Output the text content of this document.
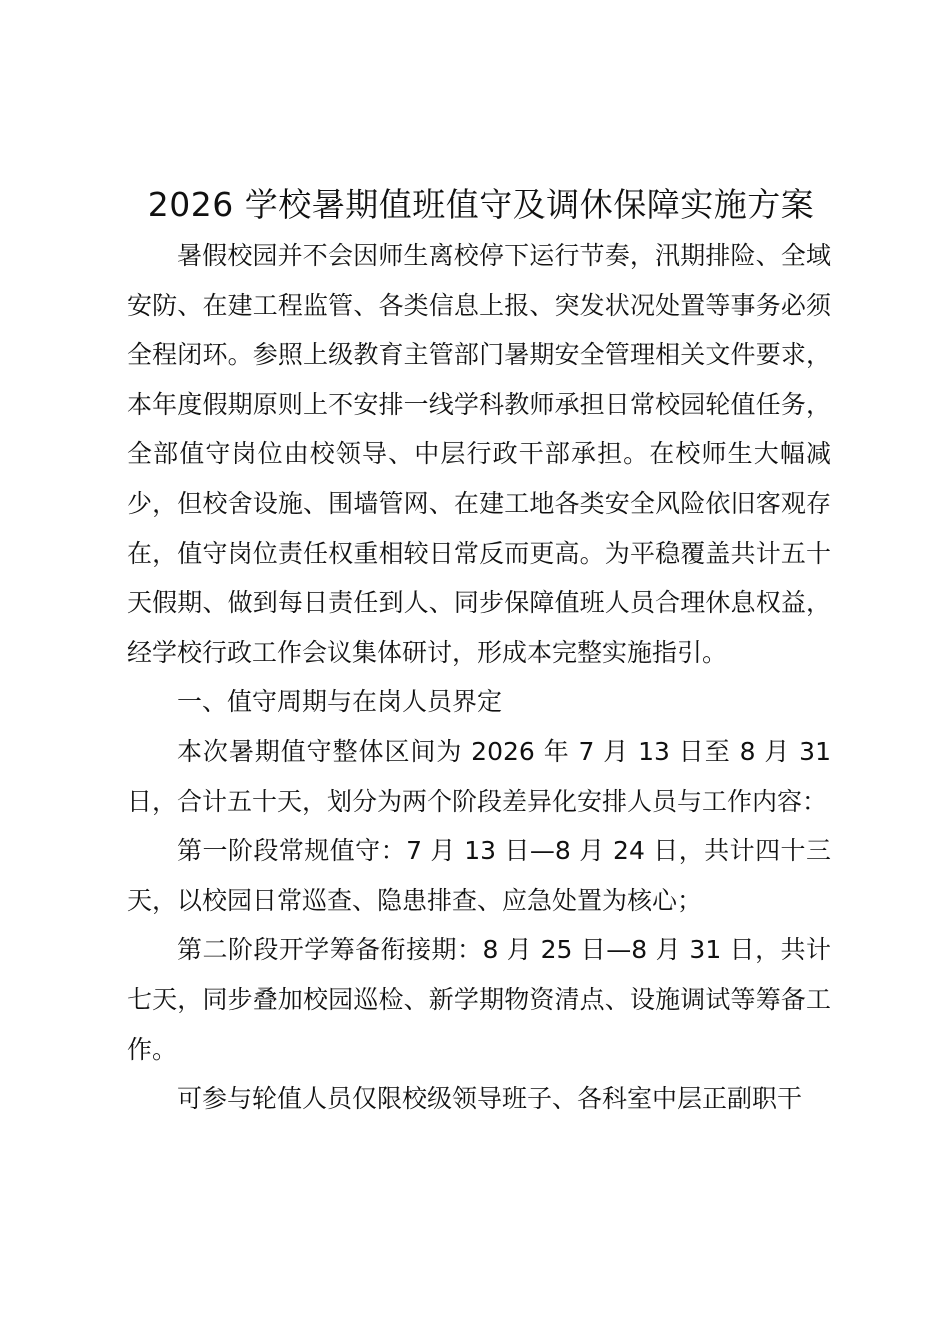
2026 学校暑期值班值守及调休保障实施方案

暑假校园并不会因师生离校停下运行节奏，汛期排险、全域安防、在建工程监管、各类信息上报、突发状况处置等事务必须全程闭环。参照上级教育主管部门暑期安全管理相关文件要求，本年度假期原则上不安排一线学科教师承担日常校园轮值任务，全部值守岗位由校领导、中层行政干部承担。在校师生大幅减少，但校舍设施、围墙管网、在建工地各类安全风险依旧客观存在，值守岗位责任权重相较日常反而更高。为平稳覆盖共计五十天假期、做到每日责任到人、同步保障值班人员合理休息权益，经学校行政工作会议集体研讨，形成本完整实施指引。

一、值守周期与在岗人员界定

本次暑期值守整体区间为 2026 年 7 月 13 日至 8 月 31 日，合计五十天，划分为两个阶段差异化安排人员与工作内容：

第一阶段常规值守：7 月 13 日—8 月 24 日，共计四十三天，以校园日常巡查、隐患排查、应急处置为核心；

第二阶段开学筹备衔接期：8 月 25 日—8 月 31 日，共计七天，同步叠加校园巡检、新学期物资清点、设施调试等筹备工作。

可参与轮值人员仅限校级领导班子、各科室中层正副职干
